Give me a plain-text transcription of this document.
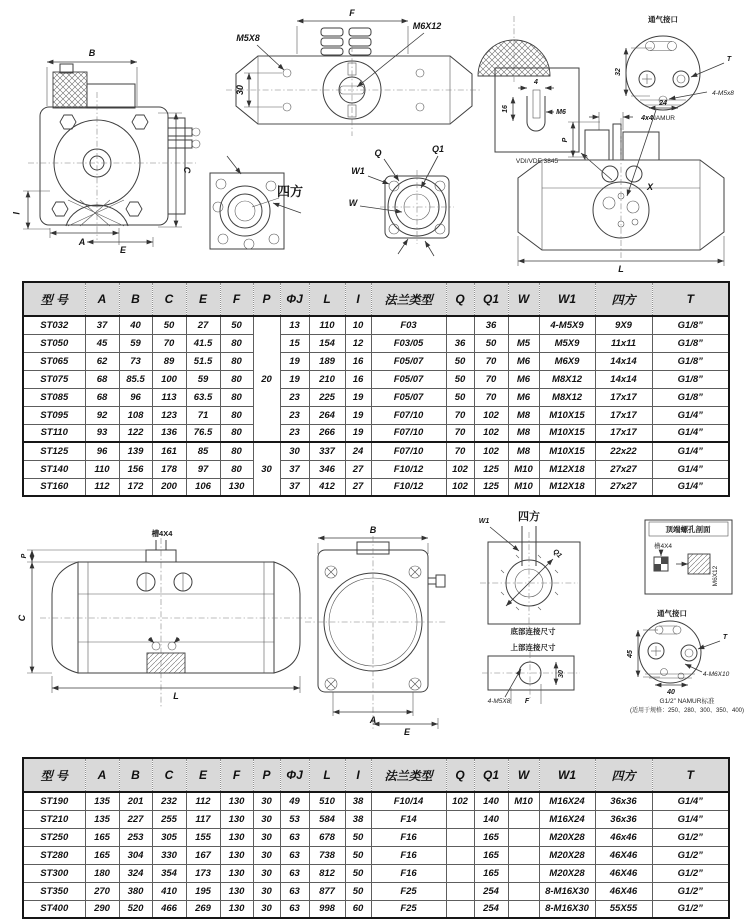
B
C
I
A
E
F
M5X8
M6X12
30
四方
Q	Q1
W1
W
4
16	M6
VDI/VDE 3845
通气接口
32
24
NAMUR
T
4-M5x8
4x4
P
X
L
型 号	A	B	C	E	F	P	ΦJ	L	I	法兰类型	Q	Q1	W	W1	四方	T
ST032	37	40	50	27	50	20	13	110	10	F03		36		4-M5X9	9X9	G1/8”
ST050	45	59	70	41.5	80		15	154	12	F03/05	36	50	M5	M5X9	11x11	G1/8”
ST065	62	73	89	51.5	80		19	189	16	F05/07	50	70	M6	M6X9	14x14	G1/8”
ST075	68	85.5	100	59	80		19	210	16	F05/07	50	70	M6	M8X12	14x14	G1/8”
ST085	68	96	113	63.5	80		23	225	19	F05/07	50	70	M6	M8X12	17x17	G1/8”
ST095	92	108	123	71	80		23	264	19	F07/10	70	102	M8	M10X15	17x17	G1/4”
ST110	93	122	136	76.5	80		23	266	19	F07/10	70	102	M8	M10X15	17x17	G1/4”
ST125	96	139	161	85	80	30	30	337	24	F07/10	70	102	M8	M10X15	22x22	G1/4”
ST140	110	156	178	97	80		37	346	27	F10/12	102	125	M10	M12X18	27x27	G1/4”
ST160	112	172	200	106	130		37	412	27	F10/12	102	125	M10	M12X18	27x27	G1/4”
槽4X4
P
C
L
B
A
E
W1	四方
Q1
底部连接尺寸
上部连接尺寸
30
4-M5X8 F
顶端螺孔剖面
槽4X4
M6X12
通气接口
45
40
T
4-M6X10
G1/2” NAMUR标准
(适用于规格：250、280、300、350、400)
型 号	A	B	C	E	F	P	ΦJ	L	I	法兰类型	Q	Q1	W	W1	四方	T
ST190	135	201	232	112	130	30	49	510	38	F10/14	102	140	M10	M16X24	36x36	G1/4”
ST210	135	227	255	117	130	30	53	584	38	F14		140		M16X24	36x36	G1/4”
ST250	165	253	305	155	130	30	63	678	50	F16		165		M20X28	46x46	G1/2”
ST280	165	304	330	167	130	30	63	738	50	F16		165		M20X28	46X46	G1/2”
ST300	180	324	354	173	130	30	63	812	50	F16		165		M20X28	46X46	G1/2”
ST350	270	380	410	195	130	30	63	877	50	F25		254		8-M16X30	46X46	G1/2”
ST400	290	520	466	269	130	30	63	998	60	F25		254		8-M16X30	55X55	G1/2”
